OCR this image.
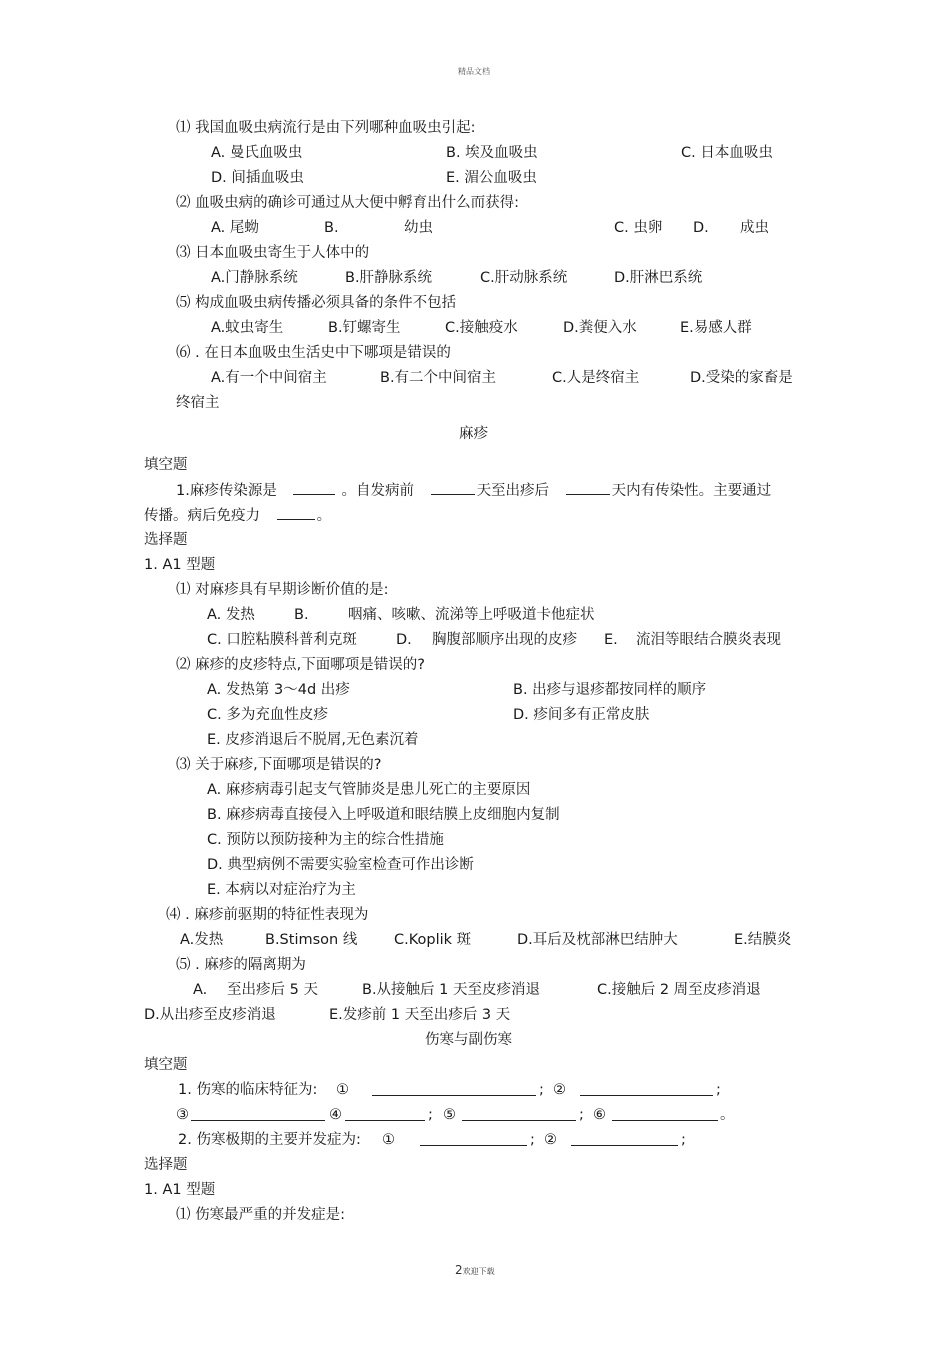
精品文档
⑴ 我国血吸虫病流行是由下列哪种血吸虫引起:
A. 曼氏血吸虫	B. 埃及血吸虫	C. 日本血吸虫
D. 间插血吸虫	E. 湄公血吸虫
⑵ 血吸虫病的确诊可通过从大便中孵育出什么而获得:
A. 尾蚴	B.	幼虫	C. 虫卵 D. 成虫
⑶ 日本血吸虫寄生于人体中的
A.门静脉系统	B.肝静脉系统	C.肝动脉系统	D.肝淋巴系统
⑸ 构成血吸虫病传播必须具备的条件不包括
A.蚊虫寄生	B.钉螺寄生	C.接触疫水	D.粪便入水	E.易感人群
⑹ . 在日本血吸虫生活史中下哪项是错误的
A.有一个中间宿主	B.有二个中间宿主	C.人是终宿主	D.受染的家畜是
终宿主
麻疹
填空题
1.麻疹传染源是	。自发病前	天至出疹后	天内有传染性。主要通过
传播。病后免疫力	。
选择题
1. A1 型题
⑴ 对麻疹具有早期诊断价值的是:
A. 发热	B.	咽痛、咳嗽、流涕等上呼吸道卡他症状
C. 口腔粘膜科普利克斑	D. 胸腹部顺序出现的皮疹 E. 流泪等眼结合膜炎表现
⑵ 麻疹的皮疹特点,下面哪项是错误的?
A. 发热第 3～4d 出疹	B. 出疹与退疹都按同样的顺序
C. 多为充血性皮疹	D. 疹间多有正常皮肤
E. 皮疹消退后不脱屑,无色素沉着
⑶ 关于麻疹,下面哪项是错误的?
A. 麻疹病毒引起支气管肺炎是患儿死亡的主要原因
B. 麻疹病毒直接侵入上呼吸道和眼结膜上皮细胞内复制
C. 预防以预防接种为主的综合性措施
D. 典型病例不需要实验室检查可作出诊断
E. 本病以对症治疗为主
⑷ . 麻疹前驱期的特征性表现为
A.发热	B.Stimson 线	C.Koplik 斑	D.耳后及枕部淋巴结肿大	E.结膜炎
⑸ . 麻疹的隔离期为
A. 至出疹后 5 天	B.从接触后 1 天至皮疹消退	C.接触后 2 周至皮疹消退
D.从出疹至皮疹消退	E.发疹前 1 天至出疹后 3 天
伤寒与副伤寒
填空题
1. 伤寒的临床特征为: ①	; ②	;
③	④	; ⑤	; ⑥	。
2. 伤寒极期的主要并发症为: ①	; ②	;
选择题
1. A1 型题
⑴ 伤寒最严重的并发症是:
2欢迎下载
